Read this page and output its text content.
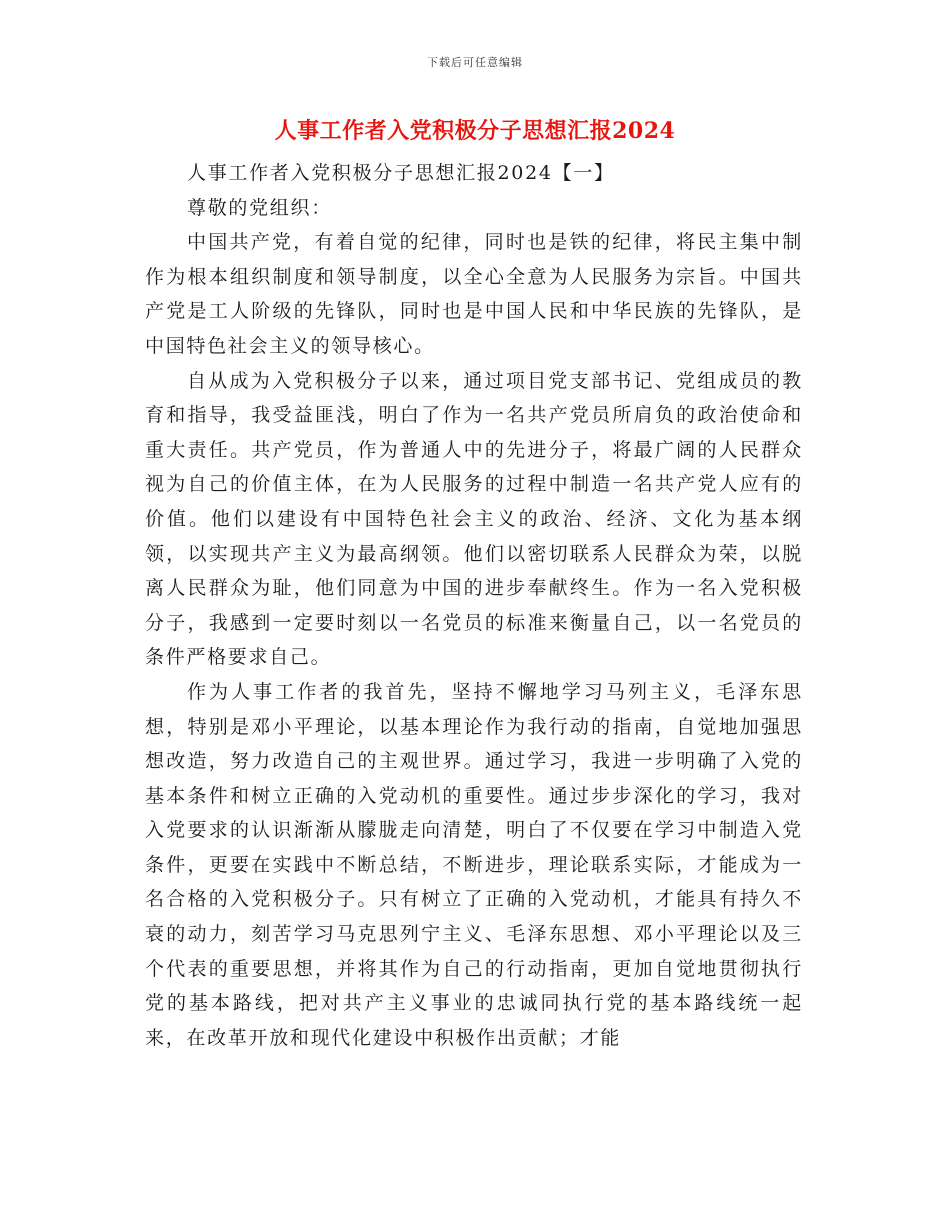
下载后可任意编辑
人事工作者入党积极分子思想汇报2024

人事工作者入党积极分子思想汇报2024【一】

尊敬的党组织：

中国共产党，有着自觉的纪律，同时也是铁的纪律，将民主集中制作为根本组织制度和领导制度，以全心全意为人民服务为宗旨。中国共产党是工人阶级的先锋队，同时也是中国人民和中华民族的先锋队，是中国特色社会主义的领导核心。

自从成为入党积极分子以来，通过项目党支部书记、党组成员的教育和指导，我受益匪浅，明白了作为一名共产党员所肩负的政治使命和重大责任。共产党员，作为普通人中的先进分子，将最广阔的人民群众视为自己的价值主体，在为人民服务的过程中制造一名共产党人应有的价值。他们以建设有中国特色社会主义的政治、经济、文化为基本纲领，以实现共产主义为最高纲领。他们以密切联系人民群众为荣，以脱离人民群众为耻，他们同意为中国的进步奉献终生。作为一名入党积极分子，我感到一定要时刻以一名党员的标准来衡量自己，以一名党员的条件严格要求自己。

作为人事工作者的我首先，坚持不懈地学习马列主义，毛泽东思想，特别是邓小平理论，以基本理论作为我行动的指南，自觉地加强思想改造，努力改造自己的主观世界。通过学习，我进一步明确了入党的基本条件和树立正确的入党动机的重要性。通过步步深化的学习，我对入党要求的认识渐渐从朦胧走向清楚，明白了不仅要在学习中制造入党条件，更要在实践中不断总结，不断进步，理论联系实际，才能成为一名合格的入党积极分子。只有树立了正确的入党动机，才能具有持久不衰的动力，刻苦学习马克思列宁主义、毛泽东思想、邓小平理论以及三个代表的重要思想，并将其作为自己的行动指南，更加自觉地贯彻执行党的基本路线，把对共产主义事业的忠诚同执行党的基本路线统一起来，在改革开放和现代化建设中积极作出贡献；才能
